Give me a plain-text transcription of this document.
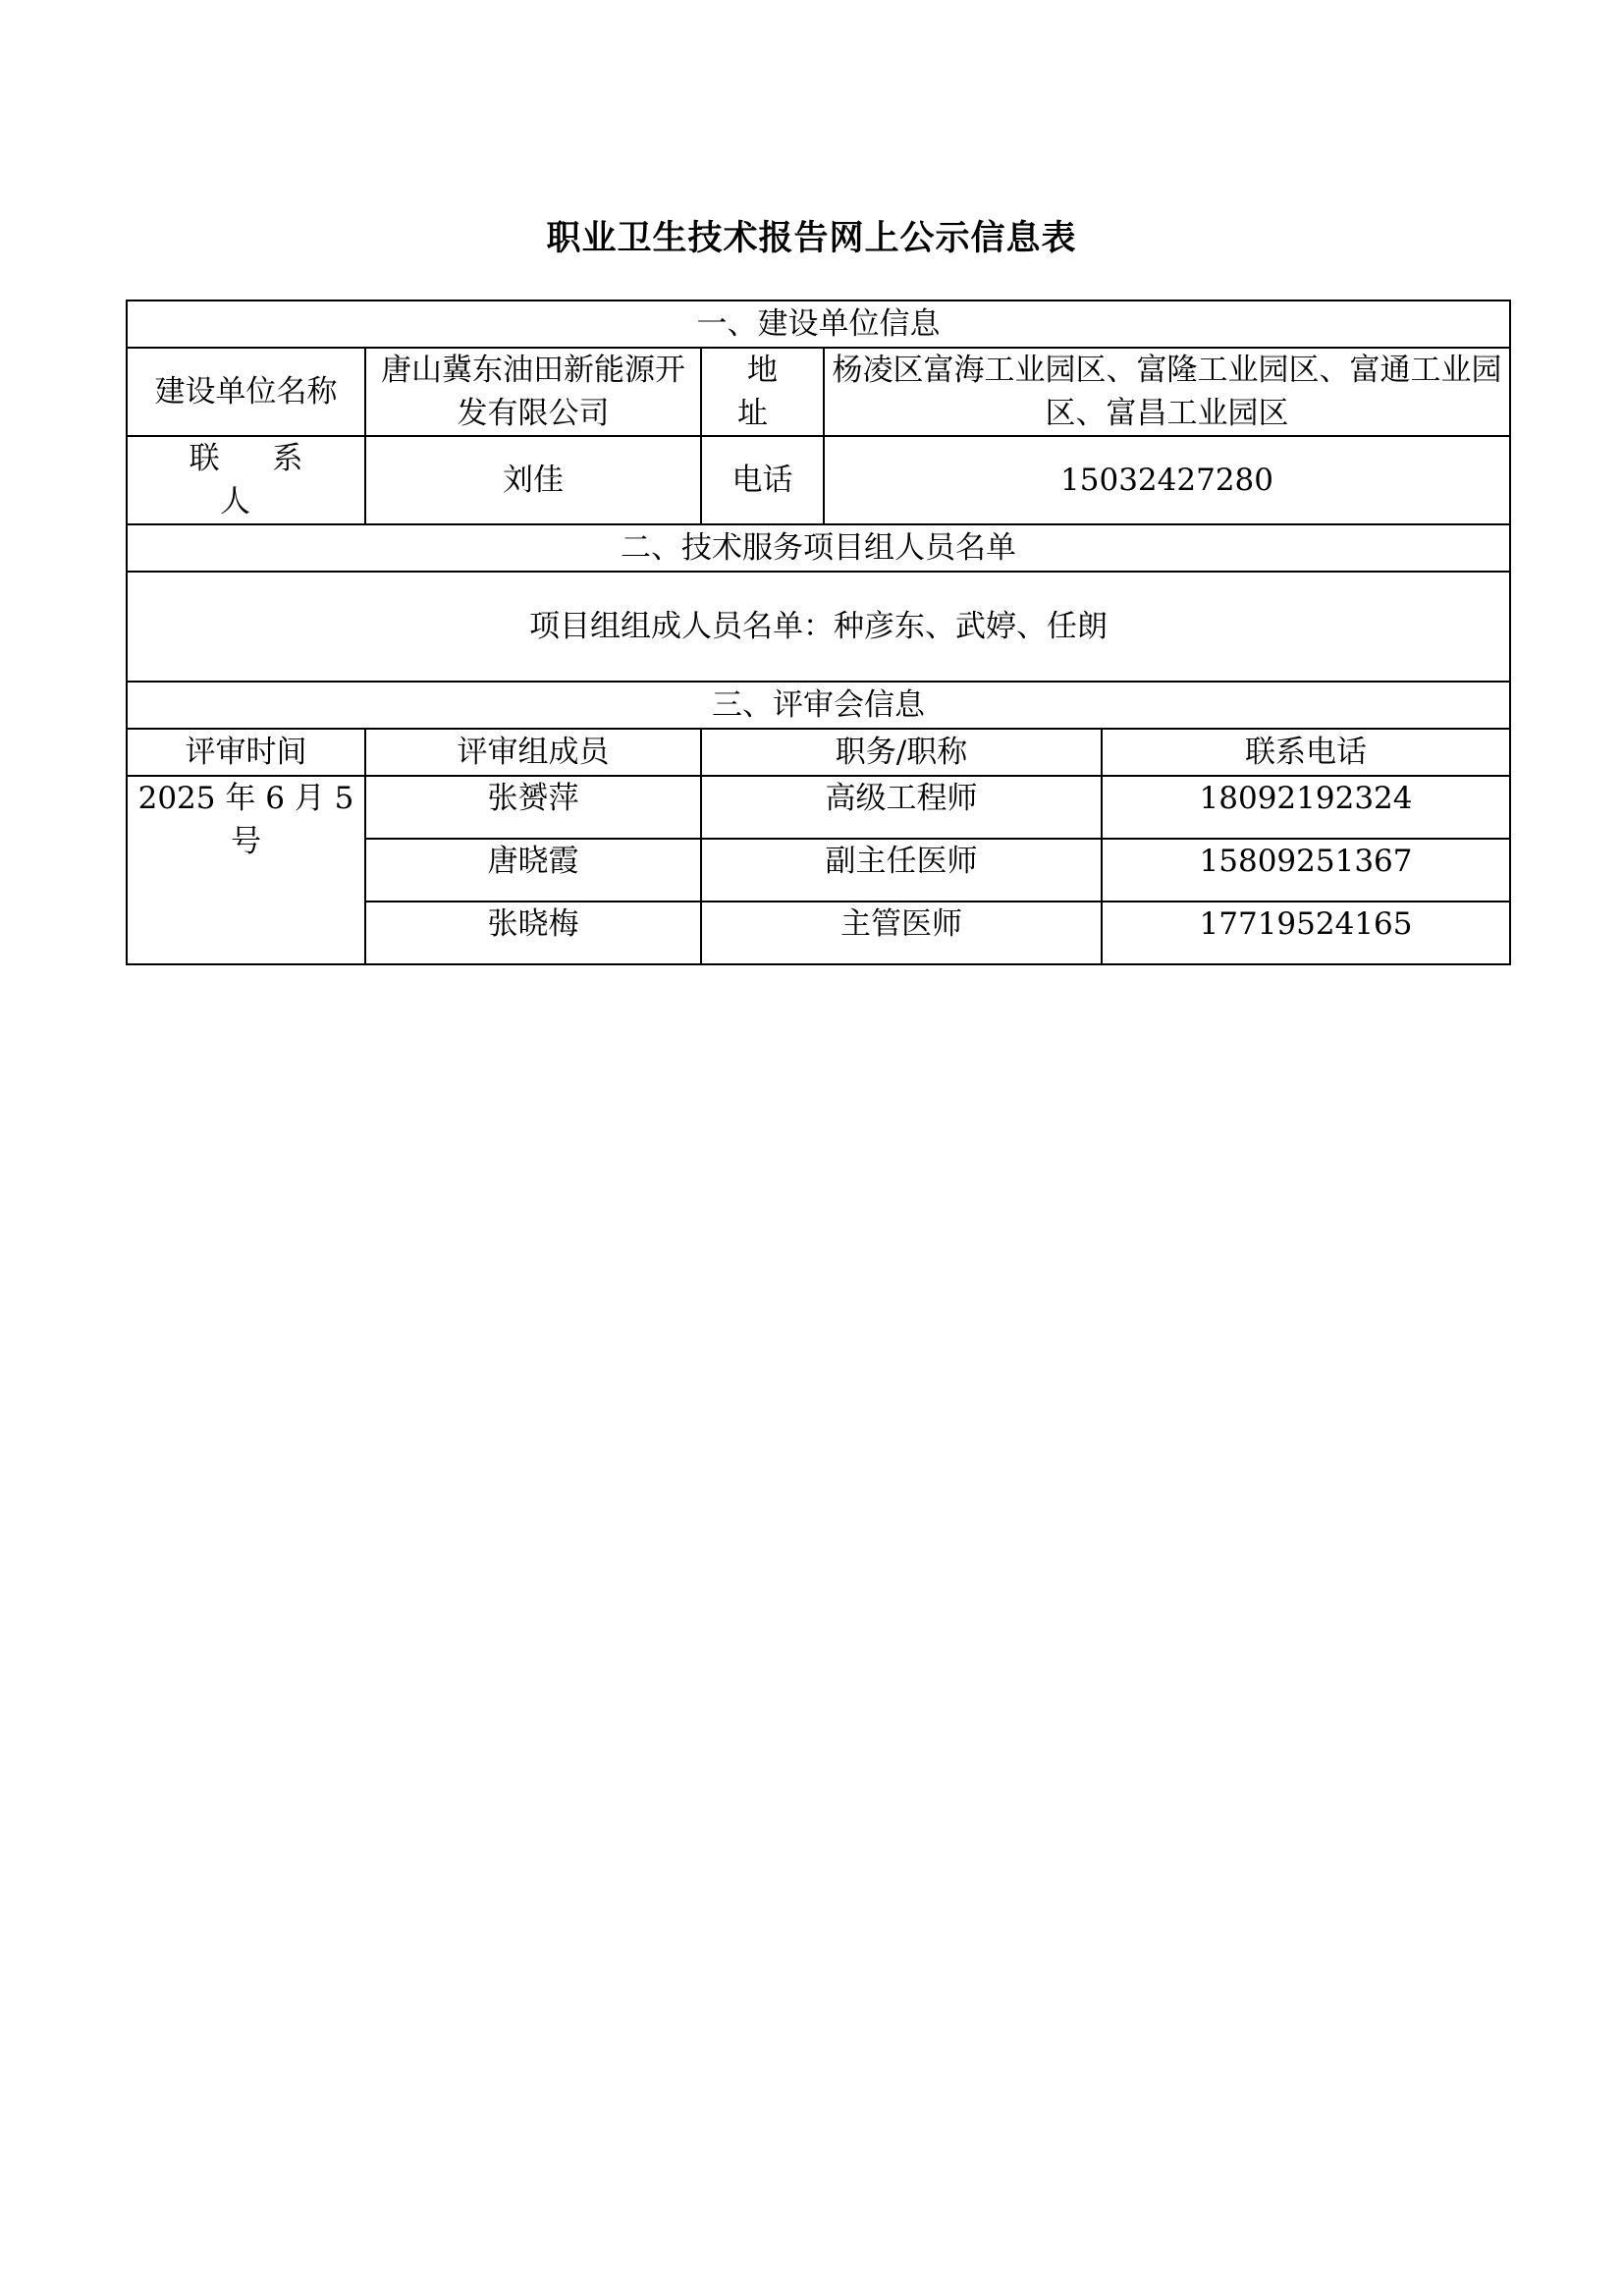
职业卫生技术报告网上公示信息表
一、建设单位信息				
建设单位名称	唐山冀东油田新能源开发有限公司	地 址	杨凌区富海工业园区、富隆工业园区、富通工业园区、富昌工业园区	
联 系 人	刘佳	电话	15032427280	
二、技术服务项目组人员名单				
项目组组成人员名单：种彦东、武婷、任朗				
三、评审会信息				
评审时间	评审组成员	职务/职称		联系电话
2025 年 6 月 5 号	张赟萍	高级工程师		18092192324
	唐晓霞	副主任医师		15809251367
	张晓梅	主管医师		17719524165
